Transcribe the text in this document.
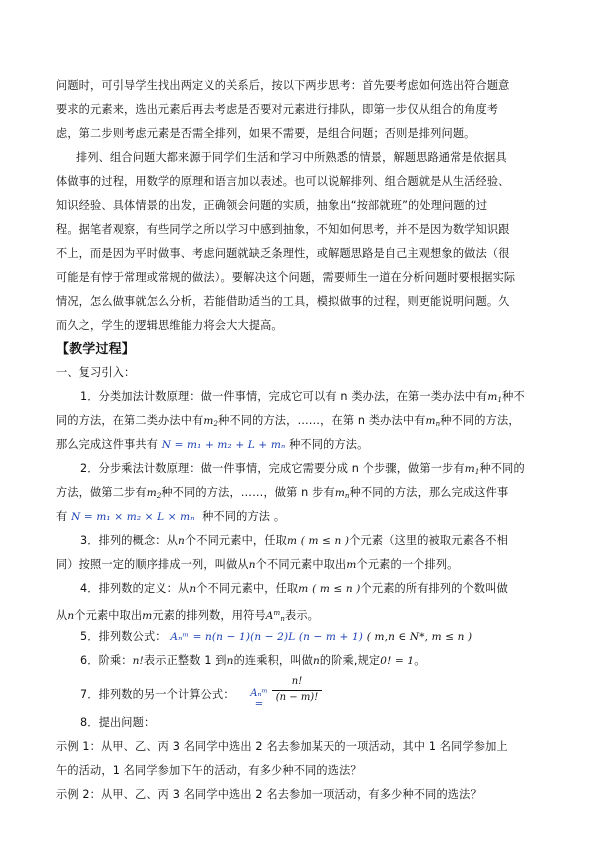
问题时，可引导学生找出两定义的关系后，按以下两步思考：首先要考虑如何选出符合题意
要求的元素来，选出元素后再去考虑是否要对元素进行排队，即第一步仅从组合的角度考
虑，第二步则考虑元素是否需全排列，如果不需要，是组合问题；否则是排列问题。
排列、组合问题大都来源于同学们生活和学习中所熟悉的情景，解题思路通常是依据具
体做事的过程，用数学的原理和语言加以表述。也可以说解排列、组合题就是从生活经验、
知识经验、具体情景的出发，正确领会问题的实质，抽象出“按部就班”的处理问题的过
程。据笔者观察，有些同学之所以学习中感到抽象，不知如何思考，并不是因为数学知识跟
不上，而是因为平时做事、考虑问题就缺乏条理性，或解题思路是自己主观想象的做法（很
可能是有悖于常理或常规的做法）。要解决这个问题，需要师生一道在分析问题时要根据实际
情况，怎么做事就怎么分析，若能借助适当的工具，模拟做事的过程，则更能说明问题。久
而久之，学生的逻辑思维能力将会大大提高。
【教学过程】
一、复习引入：
1．分类加法计数原理：做一件事情，完成它可以有 n 类办法，在第一类办法中有$m_1$种不
同的方法，在第二类办法中有$m_2$种不同的方法，……，在第 n 类办法中有$m_n$种不同的方法，
那么完成这件事共有 N = m₁ + m₂ + L + mₙ 种不同的方法。
2．分步乘法计数原理：做一件事情，完成它需要分成 n 个步骤，做第一步有$m_1$种不同的
方法，做第二步有$m_2$种不同的方法，……，做第 n 步有$m_n$种不同的方法，那么完成这件事
有 N = m₁ × m₂ × L × mₙ 种不同的方法 。
3．排列的概念：从n个不同元素中，任取m ( m ≤ n )个元素（这里的被取元素各不相
同）按照一定的顺序排成一列，叫做从n个不同元素中取出m个元素的一个排列。
4．排列数的定义：从n个不同元素中，任取m ( m ≤ n )个元素的所有排列的个数叫做
从n个元素中取出m元素的排列数，用符号$A^m_n$表示。
5．排列数公式： Aₙᵐ = n(n − 1)(n − 2)L (n − m + 1) ( m,n ∈ N*, m ≤ n )
6．阶乘：n!表示正整数 1 到n的连乘积，叫做n的阶乘,规定0! = 1。
7．排列数的另一个计算公式：	Aₙᵐ =
n!
(n − m)!
8．提出问题：
示例 1：从甲、乙、丙 3 名同学中选出 2 名去参加某天的一项活动，其中 1 名同学参加上
午的活动，1 名同学参加下午的活动，有多少种不同的选法？
示例 2：从甲、乙、丙 3 名同学中选出 2 名去参加一项活动，有多少种不同的选法？
